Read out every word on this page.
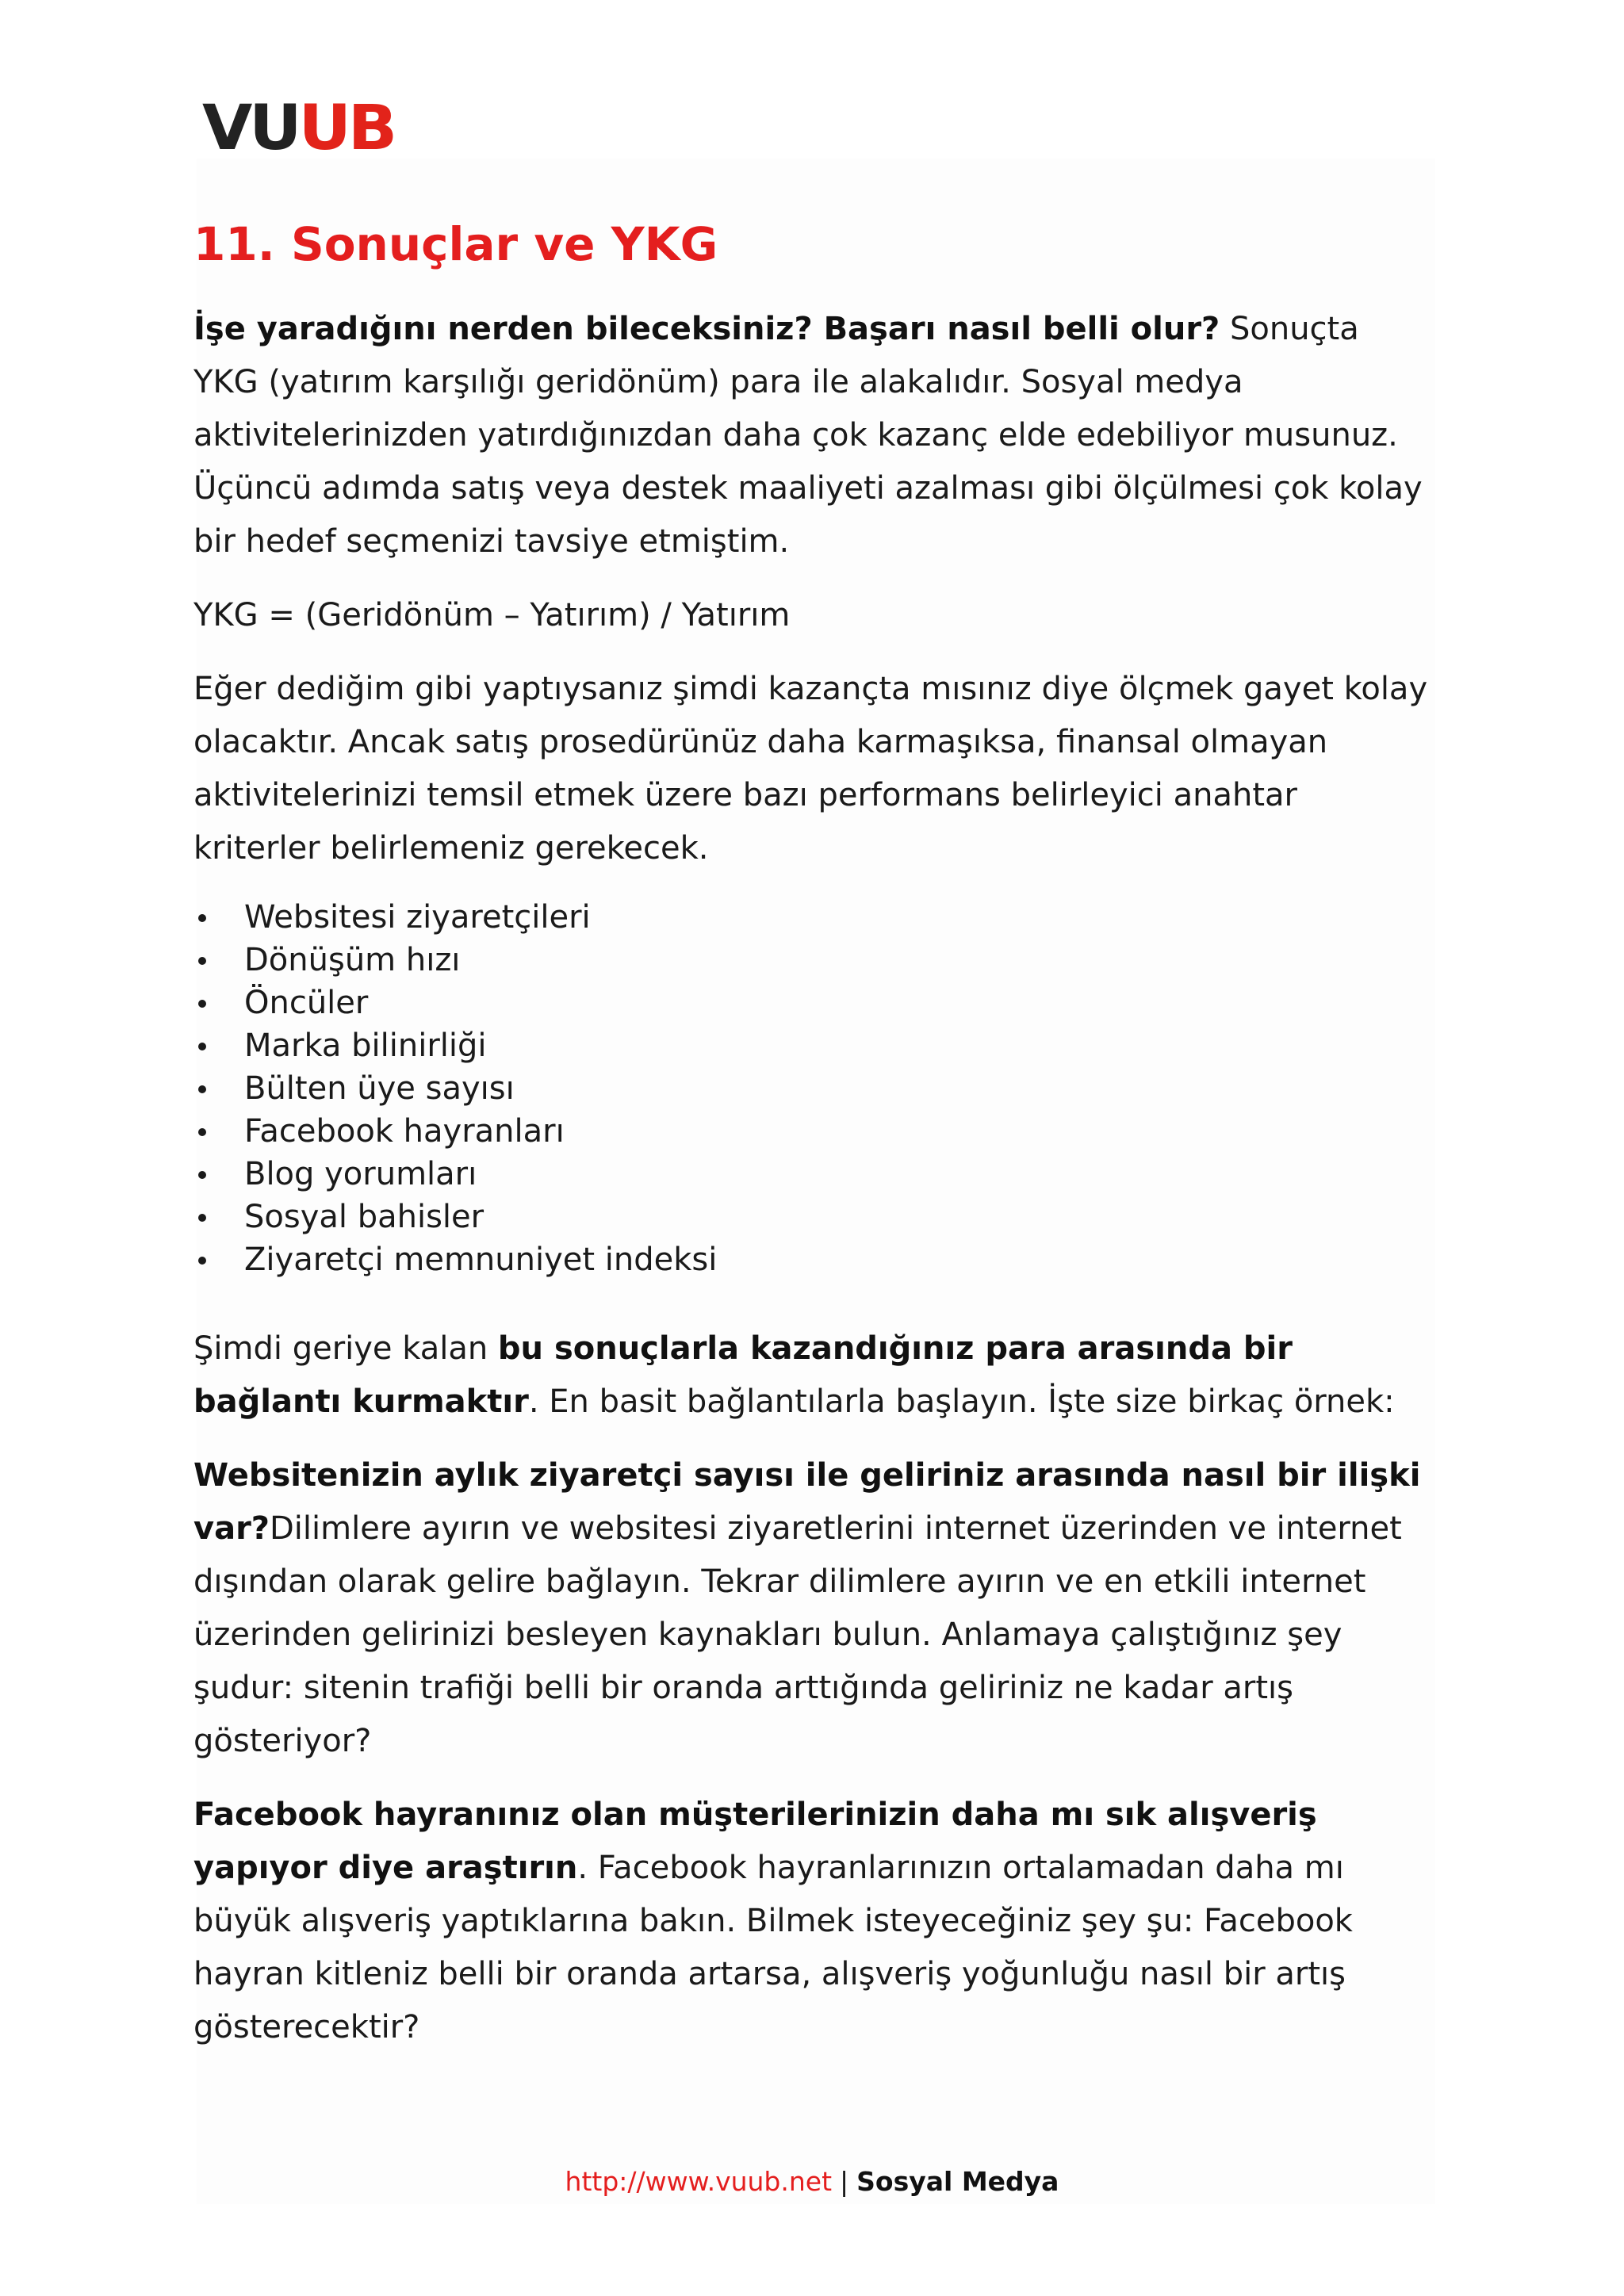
VUUB
11. Sonuçlar ve YKG

İşe yaradığını nerden bileceksiniz? Başarı nasıl belli olur? Sonuçta YKG (yatırım karşılığı geridönüm) para ile alakalıdır. Sosyal medya aktivitelerinizden yatırdığınızdan daha çok kazanç elde edebiliyor musunuz. Üçüncü adımda satış veya destek maaliyeti azalması gibi ölçülmesi çok kolay bir hedef seçmenizi tavsiye etmiştim.

YKG = (Geridönüm – Yatırım) / Yatırım

Eğer dediğim gibi yaptıysanız şimdi kazançta mısınız diye ölçmek gayet kolay olacaktır. Ancak satış prosedürünüz daha karmaşıksa, finansal olmayan aktivitelerinizi temsil etmek üzere bazı performans belirleyici anahtar kriterler belirlemeniz gerekecek.

Websitesi ziyaretçileri
Dönüşüm hızı
Öncüler
Marka bilinirliği
Bülten üye sayısı
Facebook hayranları
Blog yorumları
Sosyal bahisler
Ziyaretçi memnuniyet indeksi

Şimdi geriye kalan bu sonuçlarla kazandığınız para arasında bir bağlantı kurmaktır. En basit bağlantılarla başlayın. İşte size birkaç örnek:

Websitenizin aylık ziyaretçi sayısı ile geliriniz arasında nasıl bir ilişki var?Dilimlere ayırın ve websitesi ziyaretlerini internet üzerinden ve internet dışından olarak gelire bağlayın. Tekrar dilimlere ayırın ve en etkili internet üzerinden gelirinizi besleyen kaynakları bulun. Anlamaya çalıştığınız şey şudur: sitenin trafiği belli bir oranda arttığında geliriniz ne kadar artış gösteriyor?

Facebook hayranınız olan müşterilerinizin daha mı sık alışveriş yapıyor diye araştırın. Facebook hayranlarınızın ortalamadan daha mı büyük alışveriş yaptıklarına bakın. Bilmek isteyeceğiniz şey şu: Facebook hayran kitleniz belli bir oranda artarsa, alışveriş yoğunluğu nasıl bir artış gösterecektir?

http://www.vuub.net | Sosyal Medya
